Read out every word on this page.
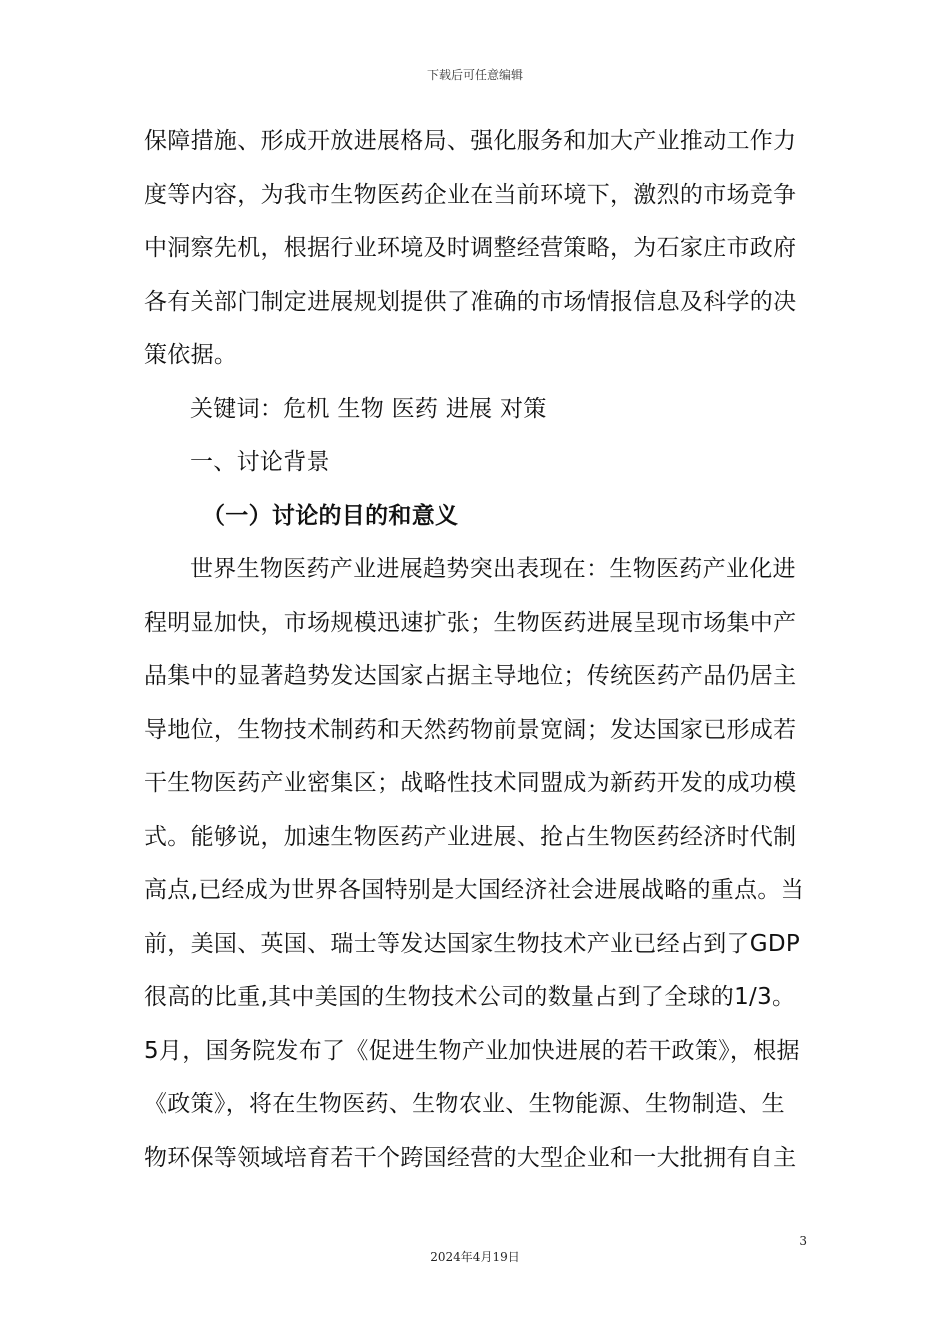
下载后可任意编辑

保障措施、形成开放进展格局、强化服务和加大产业推动工作力度等内容，为我市生物医药企业在当前环境下，激烈的市场竞争中洞察先机，根据行业环境及时调整经营策略，为石家庄市政府各有关部门制定进展规划提供了准确的市场情报信息及科学的决策依据。

关键词：危机 生物 医药 进展 对策

一、讨论背景

（一）讨论的目的和意义

世界生物医药产业进展趋势突出表现在：生物医药产业化进程明显加快，市场规模迅速扩张；生物医药进展呈现市场集中产品集中的显著趋势发达国家占据主导地位；传统医药产品仍居主导地位，生物技术制药和天然药物前景宽阔；发达国家已形成若干生物医药产业密集区；战略性技术同盟成为新药开发的成功模式。能够说，加速生物医药产业进展、抢占生物医药经济时代制高点,已经成为世界各国特别是大国经济社会进展战略的重点。当前，美国、英国、瑞士等发达国家生物技术产业已经占到了GDP很高的比重,其中美国的生物技术公司的数量占到了全球的1/3。 5月，国务院发布了《促进生物产业加快进展的若干政策》，根据《政策》，将在生物医药、生物农业、生物能源、生物制造、生物环保等领域培育若干个跨国经营的大型企业和一大批拥有自主

3
2024年4月19日
